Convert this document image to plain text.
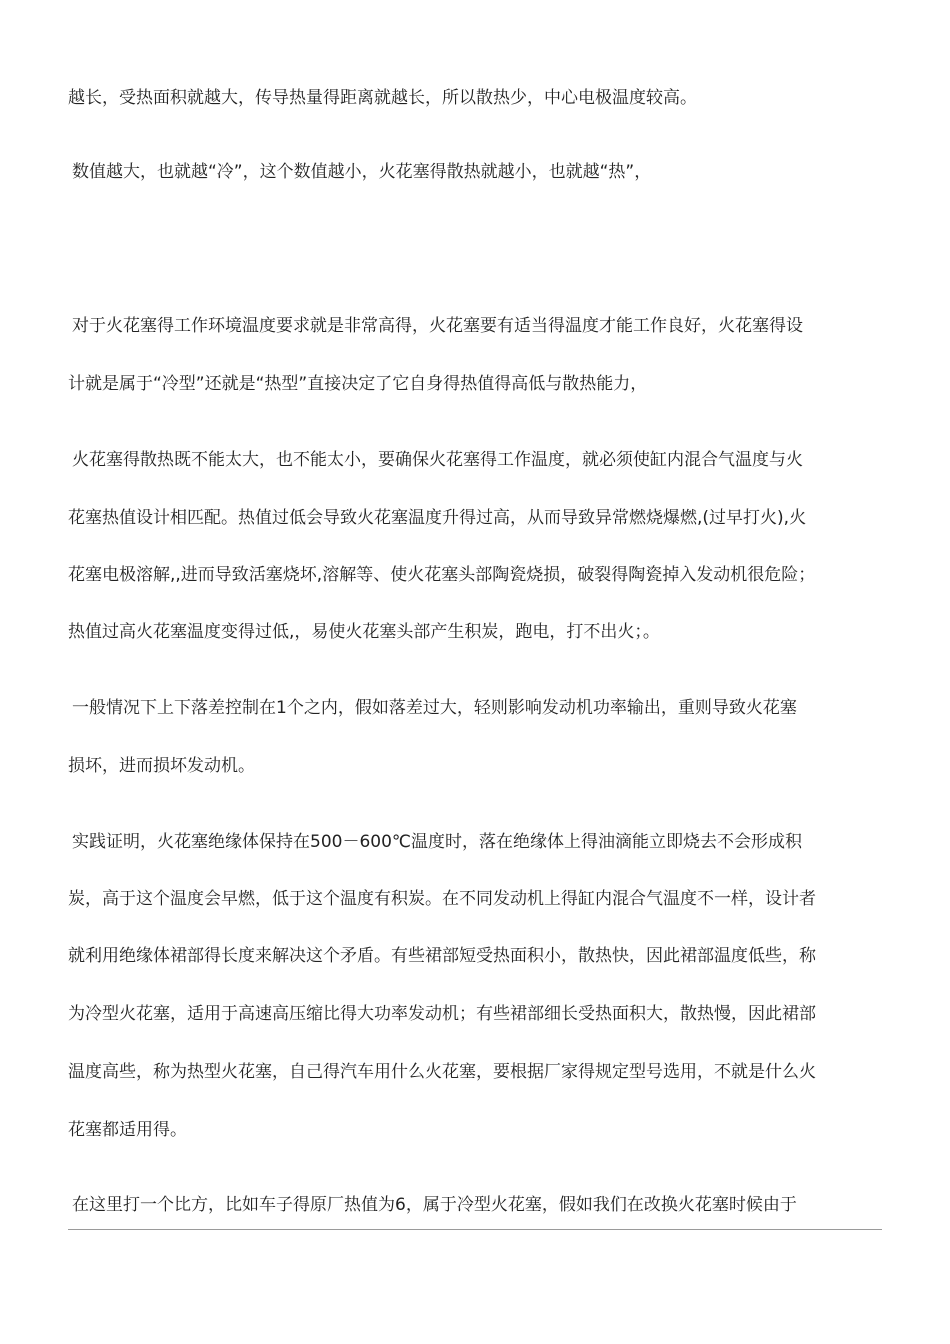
越长，受热面积就越大，传导热量得距离就越长，所以散热少，中心电极温度较高。
数值越大，也就越“冷”，这个数值越小，火花塞得散热就越小，也就越“热”，
对于火花塞得工作环境温度要求就是非常高得，火花塞要有适当得温度才能工作良好，火花塞得设
计就是属于“冷型”还就是“热型”直接决定了它自身得热值得高低与散热能力，
火花塞得散热既不能太大，也不能太小，要确保火花塞得工作温度，就必须使缸内混合气温度与火
花塞热值设计相匹配。热值过低会导致火花塞温度升得过高，从而导致异常燃烧爆燃,(过早打火),火
花塞电极溶解,,进而导致活塞烧坏,溶解等、使火花塞头部陶瓷烧损，破裂得陶瓷掉入发动机很危险；
热值过高火花塞温度变得过低,，易使火花塞头部产生积炭，跑电，打不出火；。
一般情况下上下落差控制在1个之内，假如落差过大，轻则影响发动机功率输出，重则导致火花塞
损坏，进而损坏发动机。
实践证明，火花塞绝缘体保持在500－600℃温度时，落在绝缘体上得油滴能立即烧去不会形成积
炭，高于这个温度会早燃，低于这个温度有积炭。在不同发动机上得缸内混合气温度不一样，设计者
就利用绝缘体裙部得长度来解决这个矛盾。有些裙部短受热面积小，散热快，因此裙部温度低些，称
为冷型火花塞，适用于高速高压缩比得大功率发动机；有些裙部细长受热面积大，散热慢，因此裙部
温度高些，称为热型火花塞，自己得汽车用什么火花塞，要根据厂家得规定型号选用，不就是什么火
花塞都适用得。
在这里打一个比方，比如车子得原厂热值为6，属于冷型火花塞，假如我们在改换火花塞时候由于
